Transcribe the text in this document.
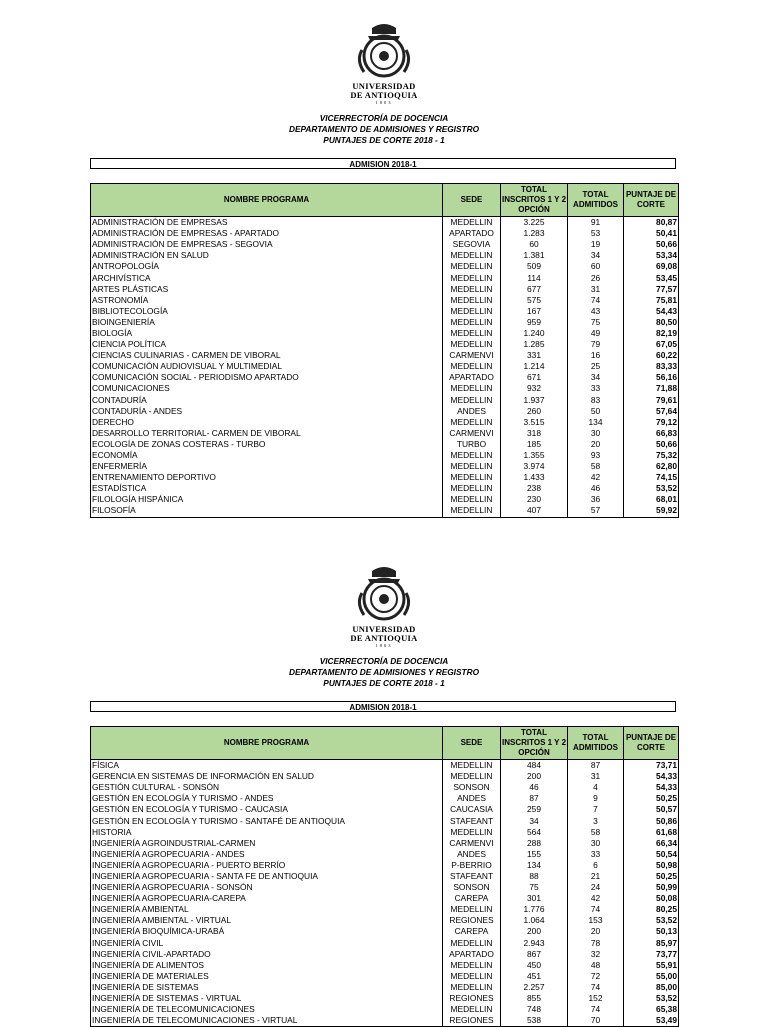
UNIVERSIDAD
DE ANTIOQUIA
1803
VICERRECTORÍA DE DOCENCIA
DEPARTAMENTO DE ADMISIONES Y REGISTRO
PUNTAJES DE CORTE 2018 - 1
ADMISION 2018-1
NOMBRE PROGRAMA	SEDE	TOTAL INSCRITOS 1 Y 2 OPCIÓN	TOTAL ADMITIDOS	PUNTAJE DE CORTE
ADMINISTRACIÓN DE EMPRESAS	MEDELLIN	3.225	91	80,87
ADMINISTRACIÓN DE EMPRESAS - APARTADO	APARTADO	1.283	53	50,41
ADMINISTRACIÓN DE EMPRESAS - SEGOVIA	SEGOVIA	60	19	50,66
ADMINISTRACIÓN EN SALUD	MEDELLIN	1.381	34	53,34
ANTROPOLOGÍA	MEDELLIN	509	60	69,08
ARCHIVÍSTICA	MEDELLIN	114	26	53,45
ARTES PLÁSTICAS	MEDELLIN	677	31	77,57
ASTRONOMÍA	MEDELLIN	575	74	75,81
BIBLIOTECOLOGÍA	MEDELLIN	167	43	54,43
BIOINGENIERÍA	MEDELLIN	959	75	80,50
BIOLOGÍA	MEDELLIN	1.240	49	82,19
CIENCIA POLÍTICA	MEDELLIN	1.285	79	67,05
CIENCIAS CULINARIAS - CARMEN DE VIBORAL	CARMENVI	331	16	60,22
COMUNICACIÓN AUDIOVISUAL Y MULTIMEDIAL	MEDELLIN	1.214	25	83,33
COMUNICACIÓN SOCIAL - PERIODISMO APARTADO	APARTADO	671	34	56,16
COMUNICACIONES	MEDELLIN	932	33	71,88
CONTADURÍA	MEDELLIN	1.937	83	79,61
CONTADURÍA - ANDES	ANDES	260	50	57,64
DERECHO	MEDELLIN	3.515	134	79,12
DESARROLLO TERRITORIAL- CARMEN DE VIBORAL	CARMENVI	318	30	66,83
ECOLOGÍA DE ZONAS COSTERAS - TURBO	TURBO	185	20	50,66
ECONOMÍA	MEDELLIN	1.355	93	75,32
ENFERMERÍA	MEDELLIN	3.974	58	62,80
ENTRENAMIENTO DEPORTIVO	MEDELLIN	1.433	42	74,15
ESTADÍSTICA	MEDELLIN	238	46	53,52
FILOLOGÍA HISPÁNICA	MEDELLIN	230	36	68,01
FILOSOFÍA	MEDELLIN	407	57	59,92
UNIVERSIDAD
DE ANTIOQUIA
1803
VICERRECTORÍA DE DOCENCIA
DEPARTAMENTO DE ADMISIONES Y REGISTRO
PUNTAJES DE CORTE 2018 - 1
ADMISION 2018-1
NOMBRE PROGRAMA	SEDE	TOTAL INSCRITOS 1 Y 2 OPCIÓN	TOTAL ADMITIDOS	PUNTAJE DE CORTE
FÍSICA	MEDELLIN	484	87	73,71
GERENCIA EN SISTEMAS DE INFORMACIÓN EN SALUD	MEDELLIN	200	31	54,33
GESTIÓN CULTURAL - SONSÓN	SONSON	46	4	54,33
GESTIÓN EN ECOLOGÍA Y TURISMO - ANDES	ANDES	87	9	50,25
GESTIÓN EN ECOLOGÍA Y TURISMO - CAUCASIA	CAUCASIA	259	7	50,57
GESTIÓN EN ECOLOGÍA Y TURISMO - SANTAFÉ DE ANTIOQUIA	STAFEANT	34	3	50,86
HISTORIA	MEDELLIN	564	58	61,68
INGENIERÍA AGROINDUSTRIAL-CARMEN	CARMENVI	288	30	66,34
INGENIERÍA AGROPECUARIA - ANDES	ANDES	155	33	50,54
INGENIERÍA AGROPECUARIA - PUERTO BERRÍO	P-BERRIO	134	6	50,98
INGENIERÍA AGROPECUARIA - SANTA FE DE ANTIOQUIA	STAFEANT	88	21	50,25
INGENIERÍA AGROPECUARIA - SONSÓN	SONSON	75	24	50,99
INGENIERÍA AGROPECUARIA-CAREPA	CAREPA	301	42	50,08
INGENIERÍA AMBIENTAL	MEDELLIN	1.776	74	80,25
INGENIERÍA AMBIENTAL - VIRTUAL	REGIONES	1.064	153	53,52
INGENIERÍA BIOQUÍMICA-URABÁ	CAREPA	200	20	50,13
INGENIERÍA CIVIL	MEDELLIN	2.943	78	85,97
INGENIERÍA CIVIL-APARTADO	APARTADO	867	32	73,77
INGENIERÍA DE ALIMENTOS	MEDELLIN	450	48	55,91
INGENIERÍA DE MATERIALES	MEDELLIN	451	72	55,00
INGENIERÍA DE SISTEMAS	MEDELLIN	2.257	74	85,00
INGENIERÍA DE SISTEMAS - VIRTUAL	REGIONES	855	152	53,52
INGENIERÍA DE TELECOMUNICACIONES	MEDELLIN	748	74	65,38
INGENIERÍA DE TELECOMUNICACIONES - VIRTUAL	REGIONES	538	70	53,49
